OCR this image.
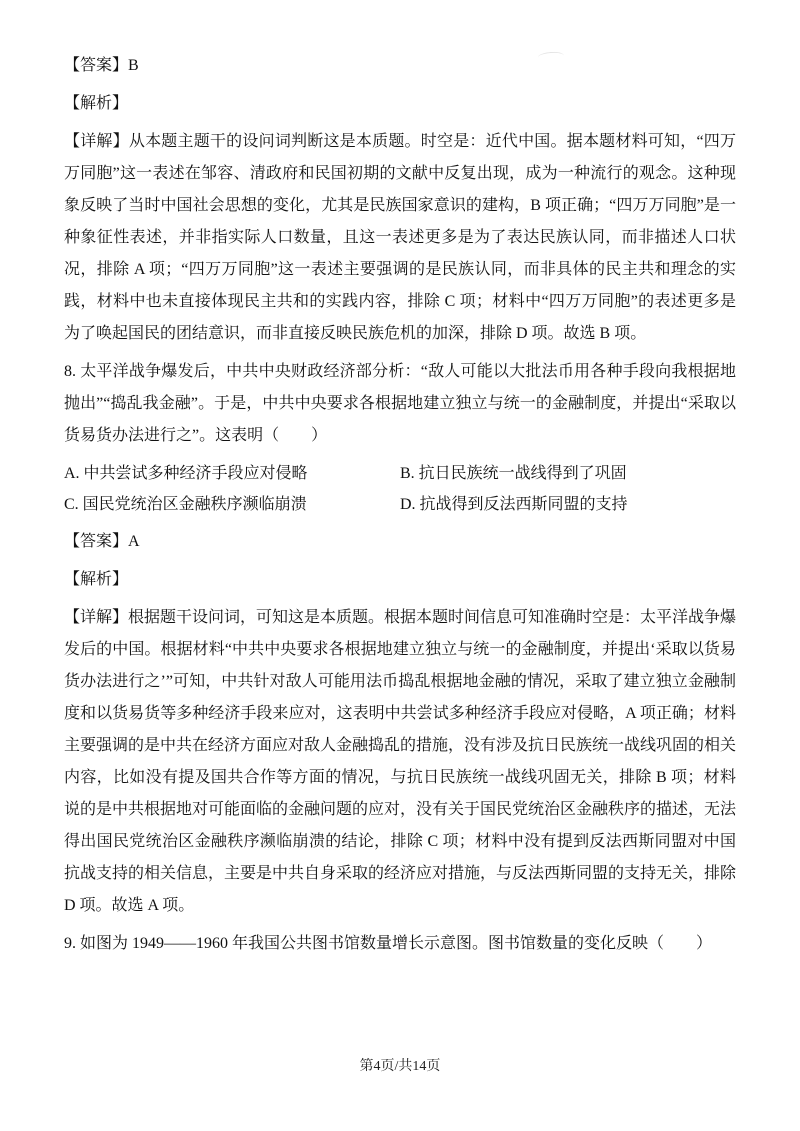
【答案】B

【解析】

【详解】从本题主题干的设问词判断这是本质题。时空是：近代中国。据本题材料可知，“四万万同胞”这一表述在邹容、清政府和民国初期的文献中反复出现，成为一种流行的观念。这种现象反映了当时中国社会思想的变化，尤其是民族国家意识的建构，B 项正确；“四万万同胞”是一种象征性表述，并非指实际人口数量，且这一表述更多是为了表达民族认同，而非描述人口状况，排除 A 项；“四万万同胞”这一表述主要强调的是民族认同，而非具体的民主共和理念的实践，材料中也未直接体现民主共和的实践内容，排除 C 项；材料中“四万万同胞”的表述更多是为了唤起国民的团结意识，而非直接反映民族危机的加深，排除 D 项。故选 B 项。

8. 太平洋战争爆发后，中共中央财政经济部分析：“敌人可能以大批法币用各种手段向我根据地抛出”“捣乱我金融”。于是，中共中央要求各根据地建立独立与统一的金融制度，并提出“采取以货易货办法进行之”。这表明（　　）

A. 中共尝试多种经济手段应对侵略	B. 抗日民族统一战线得到了巩固
C. 国民党统治区金融秩序濒临崩溃	D. 抗战得到反法西斯同盟的支持

【答案】A

【解析】

【详解】根据题干设问词，可知这是本质题。根据本题时间信息可知准确时空是：太平洋战争爆发后的中国。根据材料“中共中央要求各根据地建立独立与统一的金融制度，并提出‘采取以货易货办法进行之’”可知，中共针对敌人可能用法币捣乱根据地金融的情况，采取了建立独立金融制度和以货易货等多种经济手段来应对，这表明中共尝试多种经济手段应对侵略，A 项正确；材料主要强调的是中共在经济方面应对敌人金融捣乱的措施，没有涉及抗日民族统一战线巩固的相关内容，比如没有提及国共合作等方面的情况，与抗日民族统一战线巩固无关，排除 B 项；材料说的是中共根据地对可能面临的金融问题的应对，没有关于国民党统治区金融秩序的描述，无法得出国民党统治区金融秩序濒临崩溃的结论，排除 C 项；材料中没有提到反法西斯同盟对中国抗战支持的相关信息，主要是中共自身采取的经济应对措施，与反法西斯同盟的支持无关，排除 D 项。故选 A 项。

9. 如图为 1949——1960 年我国公共图书馆数量增长示意图。图书馆数量的变化反映（　　）

第4页/共14页
